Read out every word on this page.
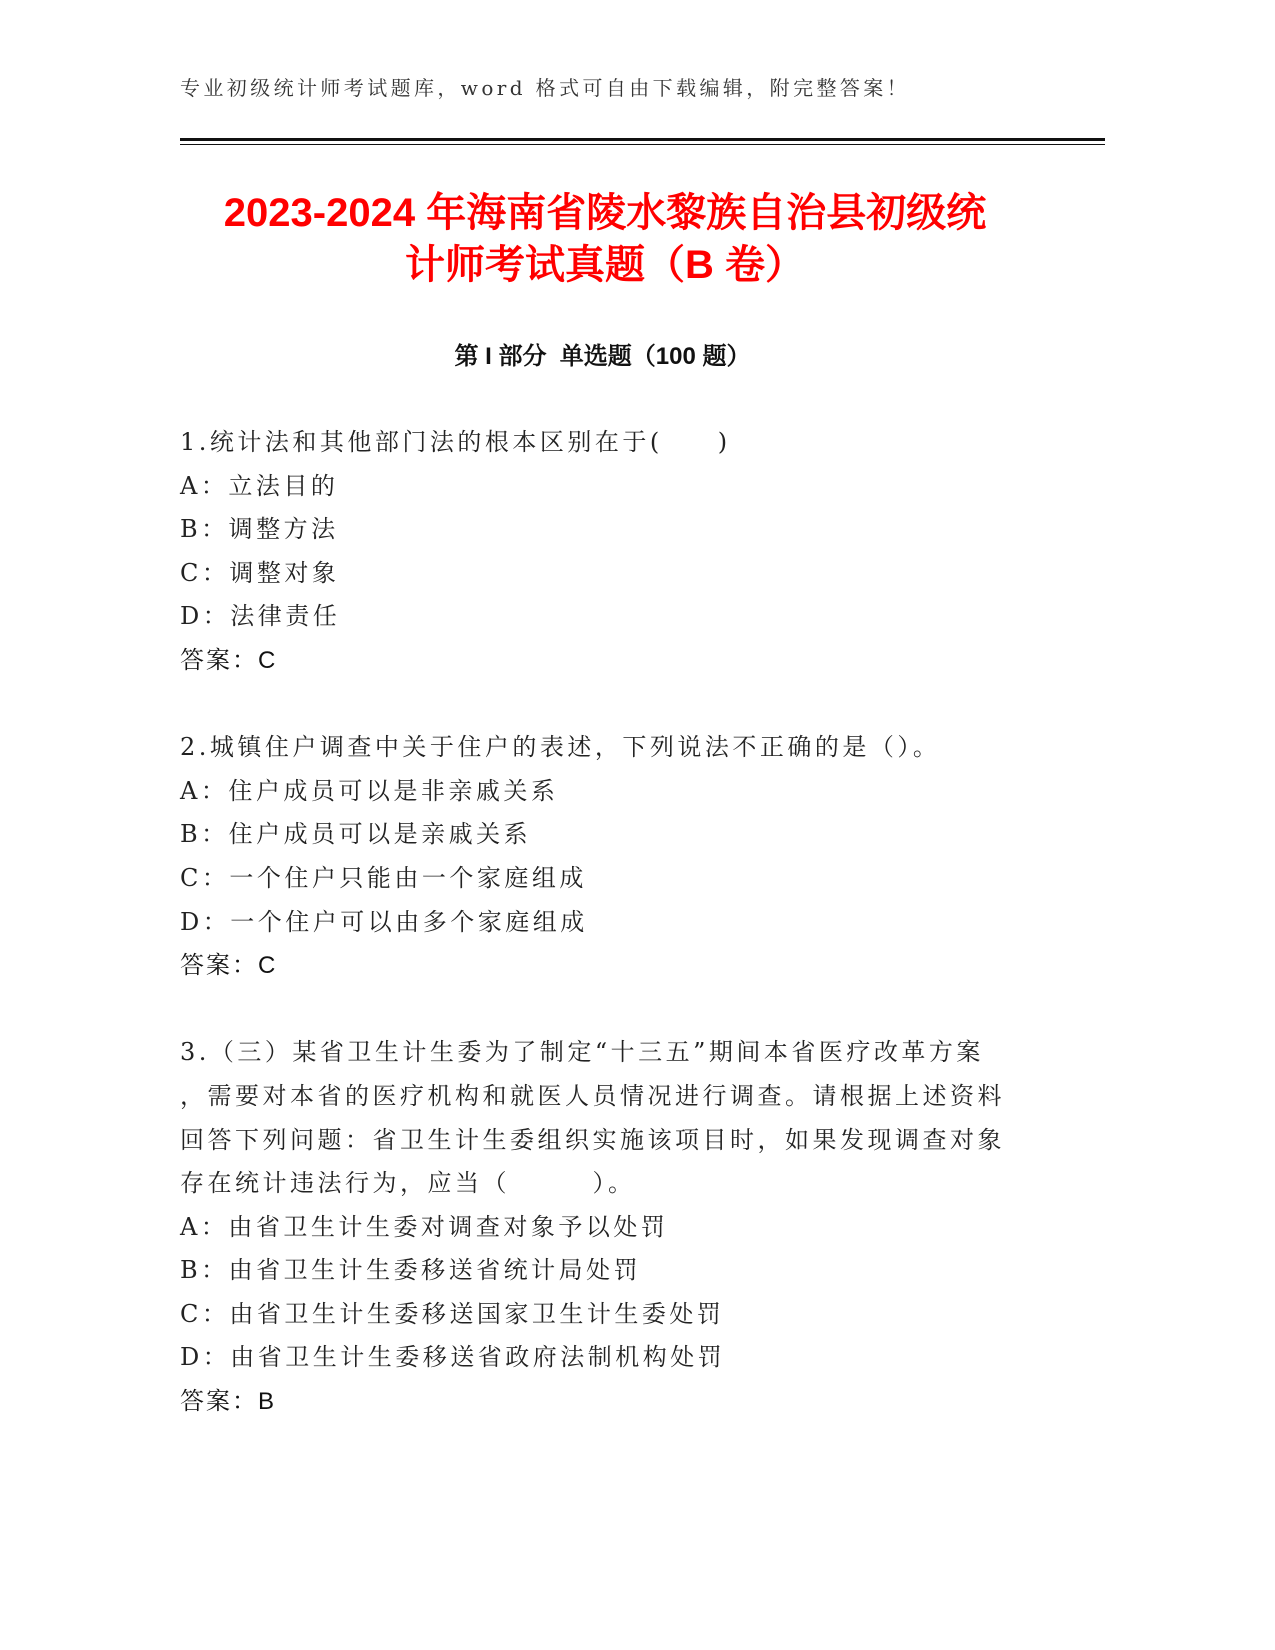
专业初级统计师考试题库，word 格式可自由下载编辑，附完整答案！
2023-2024 年海南省陵水黎族自治县初级统
计师考试真题（B 卷）
第 I 部分  单选题（100 题）
1.统计法和其他部门法的根本区别在于(　　)
A：立法目的
B：调整方法
C：调整对象
D：法律责任
答案：C
2.城镇住户调查中关于住户的表述，下列说法不正确的是（）。
A：住户成员可以是非亲戚关系
B：住户成员可以是亲戚关系
C：一个住户只能由一个家庭组成
D：一个住户可以由多个家庭组成
答案：C
3.（三）某省卫生计生委为了制定“十三五”期间本省医疗改革方案
，需要对本省的医疗机构和就医人员情况进行调查。请根据上述资料
回答下列问题：省卫生计生委组织实施该项目时，如果发现调查对象
存在统计违法行为，应当（　　　）。
A：由省卫生计生委对调查对象予以处罚
B：由省卫生计生委移送省统计局处罚
C：由省卫生计生委移送国家卫生计生委处罚
D：由省卫生计生委移送省政府法制机构处罚
答案：B
